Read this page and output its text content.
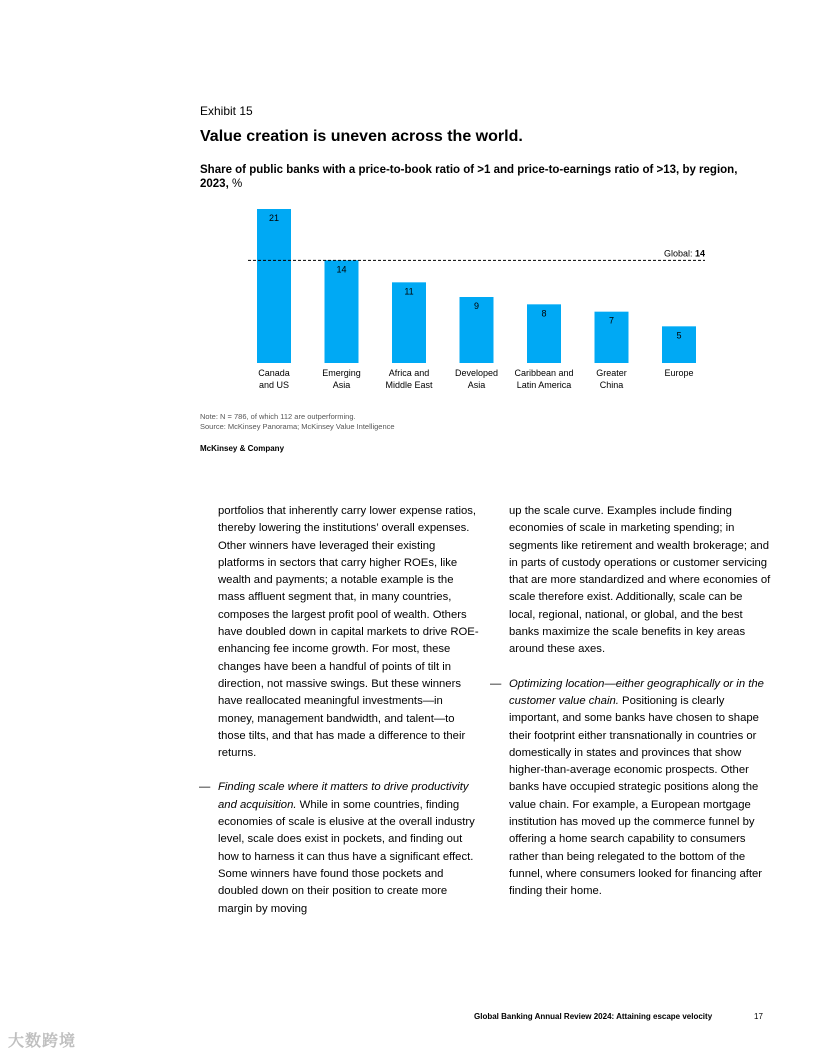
Exhibit 15
Value creation is uneven across the world.
Share of public banks with a price-to-book ratio of >1 and price-to-earnings ratio of >13, by region, 2023, %
21
Canada
and US
14
Emerging
Asia
11
Africa and
Middle East
9
Developed
Asia
8
Caribbean and
Latin America
7
Greater
China
5
Europe
Global: 14
Note: N = 786, of which 112 are outperforming.
Source: McKinsey Panorama; McKinsey Value Intelligence
McKinsey & Company

portfolios that inherently carry lower expense ratios, thereby lowering the institutions’ overall expenses. Other winners have leveraged their existing platforms in sectors that carry higher ROEs, like wealth and payments; a notable example is the mass affluent segment that, in many countries, composes the largest profit pool of wealth. Others have doubled down in capital markets to drive ROE-enhancing fee income growth. For most, these changes have been a handful of points of tilt in direction, not massive swings. But these winners have reallocated meaningful investments—in money, management bandwidth, and talent—to those tilts, and that has made a difference to their returns.

— Finding scale where it matters to drive productivity and acquisition. While in some countries, finding economies of scale is elusive at the overall industry level, scale does exist in pockets, and finding out how to harness it can thus have a significant effect. Some winners have found those pockets and doubled down on their position to create more margin by moving

up the scale curve. Examples include finding economies of scale in marketing spending; in segments like retirement and wealth brokerage; and in parts of custody operations or customer servicing that are more standardized and where economies of scale therefore exist. Additionally, scale can be local, regional, national, or global, and the best banks maximize the scale benefits in key areas around these axes.

— Optimizing location—either geographically or in the customer value chain. Positioning is clearly important, and some banks have chosen to shape their footprint either transnationally in countries or domestically in states and provinces that show higher-than-average economic prospects. Other banks have occupied strategic positions along the value chain. For example, a European mortgage institution has moved up the commerce funnel by offering a home search capability to consumers rather than being relegated to the bottom of the funnel, where consumers looked for financing after finding their home.

Global Banking Annual Review 2024: Attaining escape velocity	17
大数跨境
